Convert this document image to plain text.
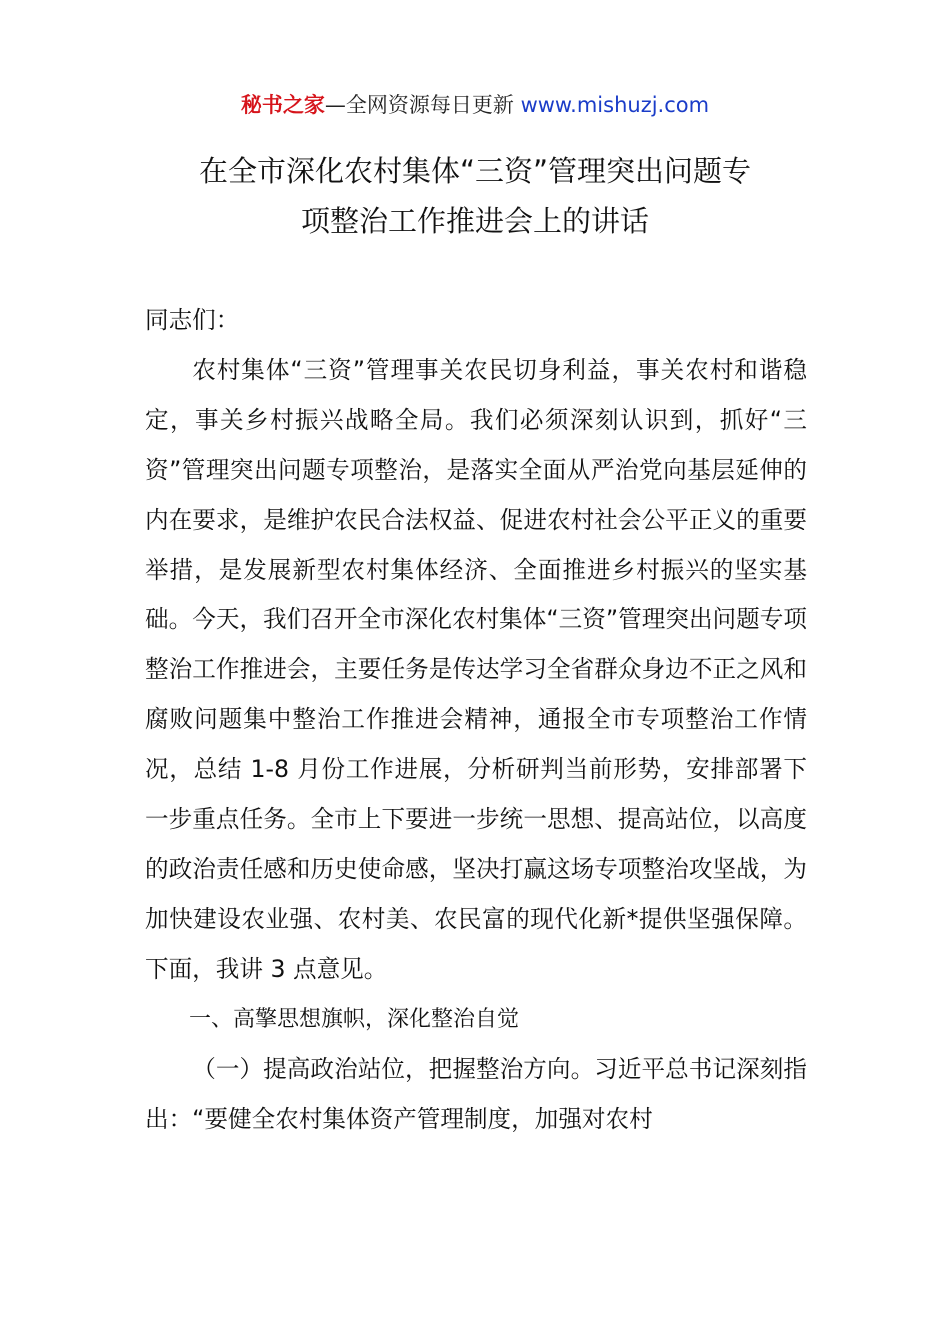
秘书之家—全网资源每日更新 www.mishuzj.com
在全市深化农村集体“三资”管理突出问题专
项整治工作推进会上的讲话

同志们：

农村集体“三资”管理事关农民切身利益，事关农村和谐稳定，事关乡村振兴战略全局。我们必须深刻认识到，抓好“三资”管理突出问题专项整治，是落实全面从严治党向基层延伸的内在要求，是维护农民合法权益、促进农村社会公平正义的重要举措，是发展新型农村集体经济、全面推进乡村振兴的坚实基础。今天，我们召开全市深化农村集体“三资”管理突出问题专项整治工作推进会，主要任务是传达学习全省群众身边不正之风和腐败问题集中整治工作推进会精神，通报全市专项整治工作情况，总结 1-8 月份工作进展，分析研判当前形势，安排部署下一步重点任务。全市上下要进一步统一思想、提高站位，以高度的政治责任感和历史使命感，坚决打赢这场专项整治攻坚战，为加快建设农业强、农村美、农民富的现代化新*提供坚强保障。下面，我讲 3 点意见。

一、高擎思想旗帜，深化整治自觉

（一）提高政治站位，把握整治方向。习近平总书记深刻指出：“要健全农村集体资产管理制度，加强对农村
